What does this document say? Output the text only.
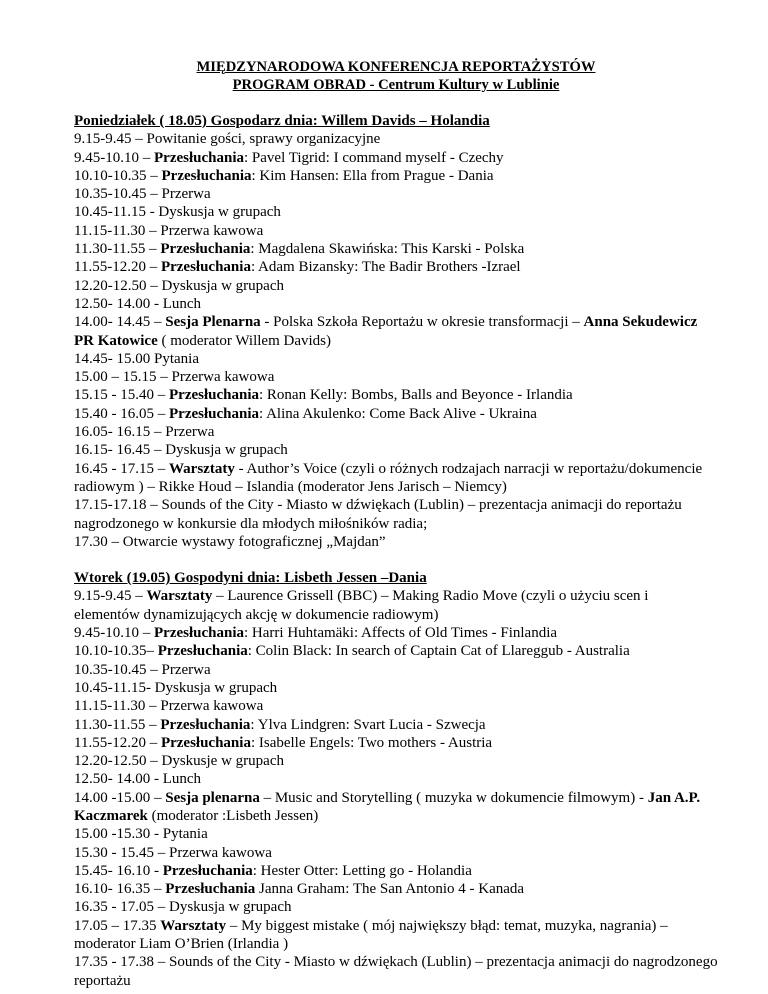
MIĘDZYNARODOWA KONFERENCJA REPORTAŻYSTÓW
PROGRAM OBRAD - Centrum Kultury w Lublinie
Poniedziałek ( 18.05) Gospodarz dnia: Willem Davids – Holandia

9.15-9.45 – Powitanie gości, sprawy organizacyjne

9.45-10.10 – Przesłuchania: Pavel Tigrid: I command myself - Czechy

10.10-10.35 – Przesłuchania: Kim Hansen: Ella from Prague - Dania

10.35-10.45 – Przerwa

10.45-11.15 - Dyskusja w grupach

11.15-11.30 – Przerwa kawowa

11.30-11.55 – Przesłuchania: Magdalena Skawińska: This Karski - Polska

11.55-12.20 – Przesłuchania: Adam Bizansky: The Badir Brothers -Izrael

12.20-12.50 – Dyskusja w grupach

12.50- 14.00 - Lunch

14.00- 14.45 – Sesja Plenarna - Polska Szkoła Reportażu w okresie transformacji – Anna Sekudewicz PR Katowice ( moderator Willem Davids)

14.45- 15.00 Pytania

15.00 – 15.15 – Przerwa kawowa

15.15 - 15.40 – Przesłuchania: Ronan Kelly: Bombs, Balls and Beyonce - Irlandia

15.40 - 16.05 – Przesłuchania: Alina Akulenko: Come Back Alive - Ukraina

16.05- 16.15 – Przerwa

16.15- 16.45 – Dyskusja w grupach

16.45 - 17.15 – Warsztaty - Author’s Voice (czyli o różnych rodzajach narracji w reportażu/dokumencie radiowym ) – Rikke Houd – Islandia (moderator Jens Jarisch – Niemcy)

17.15-17.18 – Sounds of the City - Miasto w dźwiękach (Lublin) – prezentacja animacji do reportażu nagrodzonego w konkursie dla młodych miłośników radia;

17.30 – Otwarcie wystawy fotograficznej „Majdan”

Wtorek (19.05) Gospodyni dnia: Lisbeth Jessen –Dania

9.15-9.45 – Warsztaty – Laurence Grissell (BBC) – Making Radio Move (czyli o użyciu scen i elementów dynamizujących akcję w dokumencie radiowym)

9.45-10.10 – Przesłuchania: Harri Huhtamäki: Affects of Old Times - Finlandia

10.10-10.35– Przesłuchania: Colin Black: In search of Captain Cat of Llareggub - Australia

10.35-10.45 – Przerwa

10.45-11.15- Dyskusja w grupach

11.15-11.30 – Przerwa kawowa

11.30-11.55 – Przesłuchania: Ylva Lindgren: Svart Lucia - Szwecja

11.55-12.20 – Przesłuchania: Isabelle Engels: Two mothers - Austria

12.20-12.50 – Dyskusje w grupach

12.50- 14.00 - Lunch

14.00 -15.00 – Sesja plenarna – Music and Storytelling ( muzyka w dokumencie filmowym) - Jan A.P. Kaczmarek (moderator :Lisbeth Jessen)

15.00 -15.30 - Pytania

15.30 - 15.45 – Przerwa kawowa

15.45- 16.10 - Przesłuchania: Hester Otter: Letting go - Holandia

16.10- 16.35 – Przesłuchania Janna Graham: The San Antonio 4 - Kanada

16.35 - 17.05 – Dyskusja w grupach

17.05 – 17.35 Warsztaty – My biggest mistake ( mój największy błąd: temat, muzyka, nagrania) – moderator Liam O’Brien (Irlandia )

17.35 - 17.38 – Sounds of the City - Miasto w dźwiękach (Lublin) – prezentacja animacji do nagrodzonego reportażu
